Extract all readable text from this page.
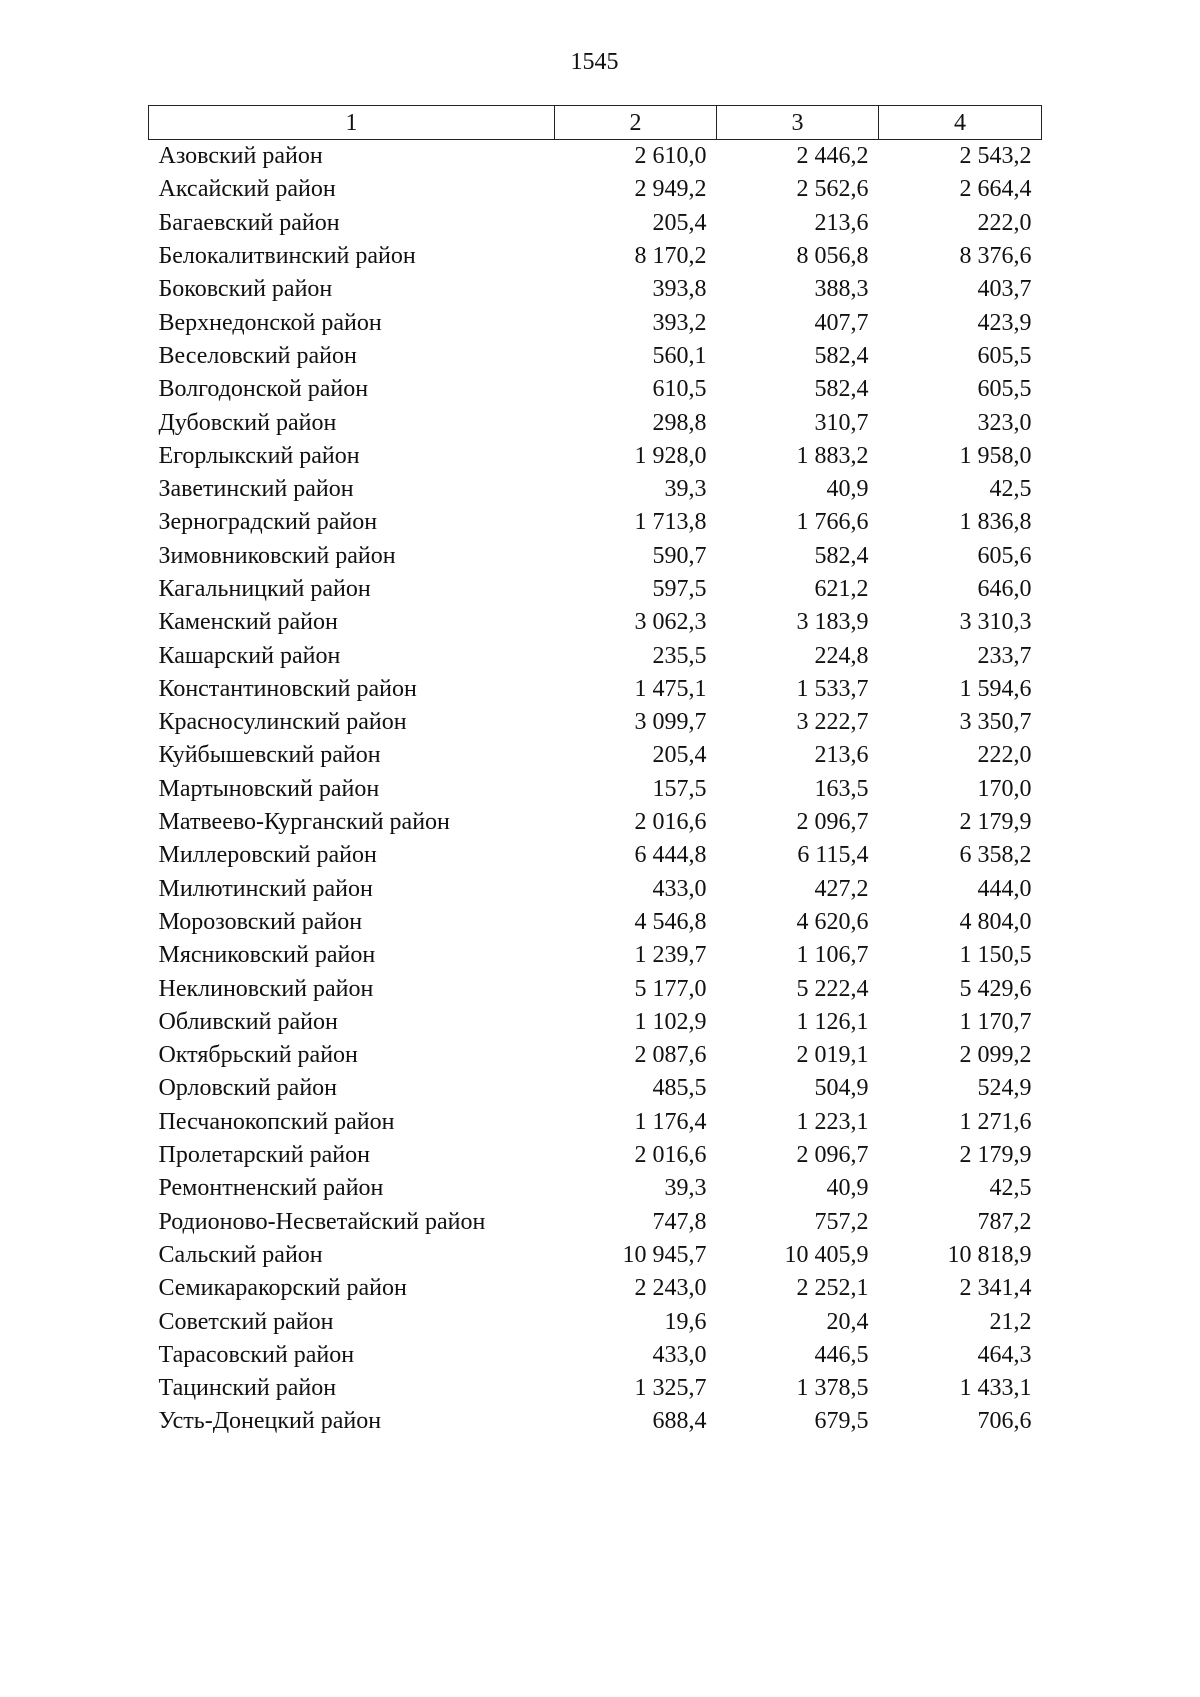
1545
1	2	3	4
Азовский район	2 610,0	2 446,2	2 543,2
Аксайский район	2 949,2	2 562,6	2 664,4
Багаевский район	205,4	213,6	222,0
Белокалитвинский район	8 170,2	8 056,8	8 376,6
Боковский район	393,8	388,3	403,7
Верхнедонской район	393,2	407,7	423,9
Веселовский район	560,1	582,4	605,5
Волгодонской район	610,5	582,4	605,5
Дубовский район	298,8	310,7	323,0
Егорлыкский район	1 928,0	1 883,2	1 958,0
Заветинский район	39,3	40,9	42,5
Зерноградский район	1 713,8	1 766,6	1 836,8
Зимовниковский район	590,7	582,4	605,6
Кагальницкий район	597,5	621,2	646,0
Каменский район	3 062,3	3 183,9	3 310,3
Кашарский район	235,5	224,8	233,7
Константиновский район	1 475,1	1 533,7	1 594,6
Красносулинский район	3 099,7	3 222,7	3 350,7
Куйбышевский район	205,4	213,6	222,0
Мартыновский район	157,5	163,5	170,0
Матвеево-Курганский район	2 016,6	2 096,7	2 179,9
Миллеровский район	6 444,8	6 115,4	6 358,2
Милютинский район	433,0	427,2	444,0
Морозовский район	4 546,8	4 620,6	4 804,0
Мясниковский район	1 239,7	1 106,7	1 150,5
Неклиновский район	5 177,0	5 222,4	5 429,6
Обливский район	1 102,9	1 126,1	1 170,7
Октябрьский район	2 087,6	2 019,1	2 099,2
Орловский район	485,5	504,9	524,9
Песчанокопский район	1 176,4	1 223,1	1 271,6
Пролетарский район	2 016,6	2 096,7	2 179,9
Ремонтненский район	39,3	40,9	42,5
Родионово-Несветайский район	747,8	757,2	787,2
Сальский район	10 945,7	10 405,9	10 818,9
Семикаракорский район	2 243,0	2 252,1	2 341,4
Советский район	19,6	20,4	21,2
Тарасовский район	433,0	446,5	464,3
Тацинский район	1 325,7	1 378,5	1 433,1
Усть-Донецкий район	688,4	679,5	706,6
